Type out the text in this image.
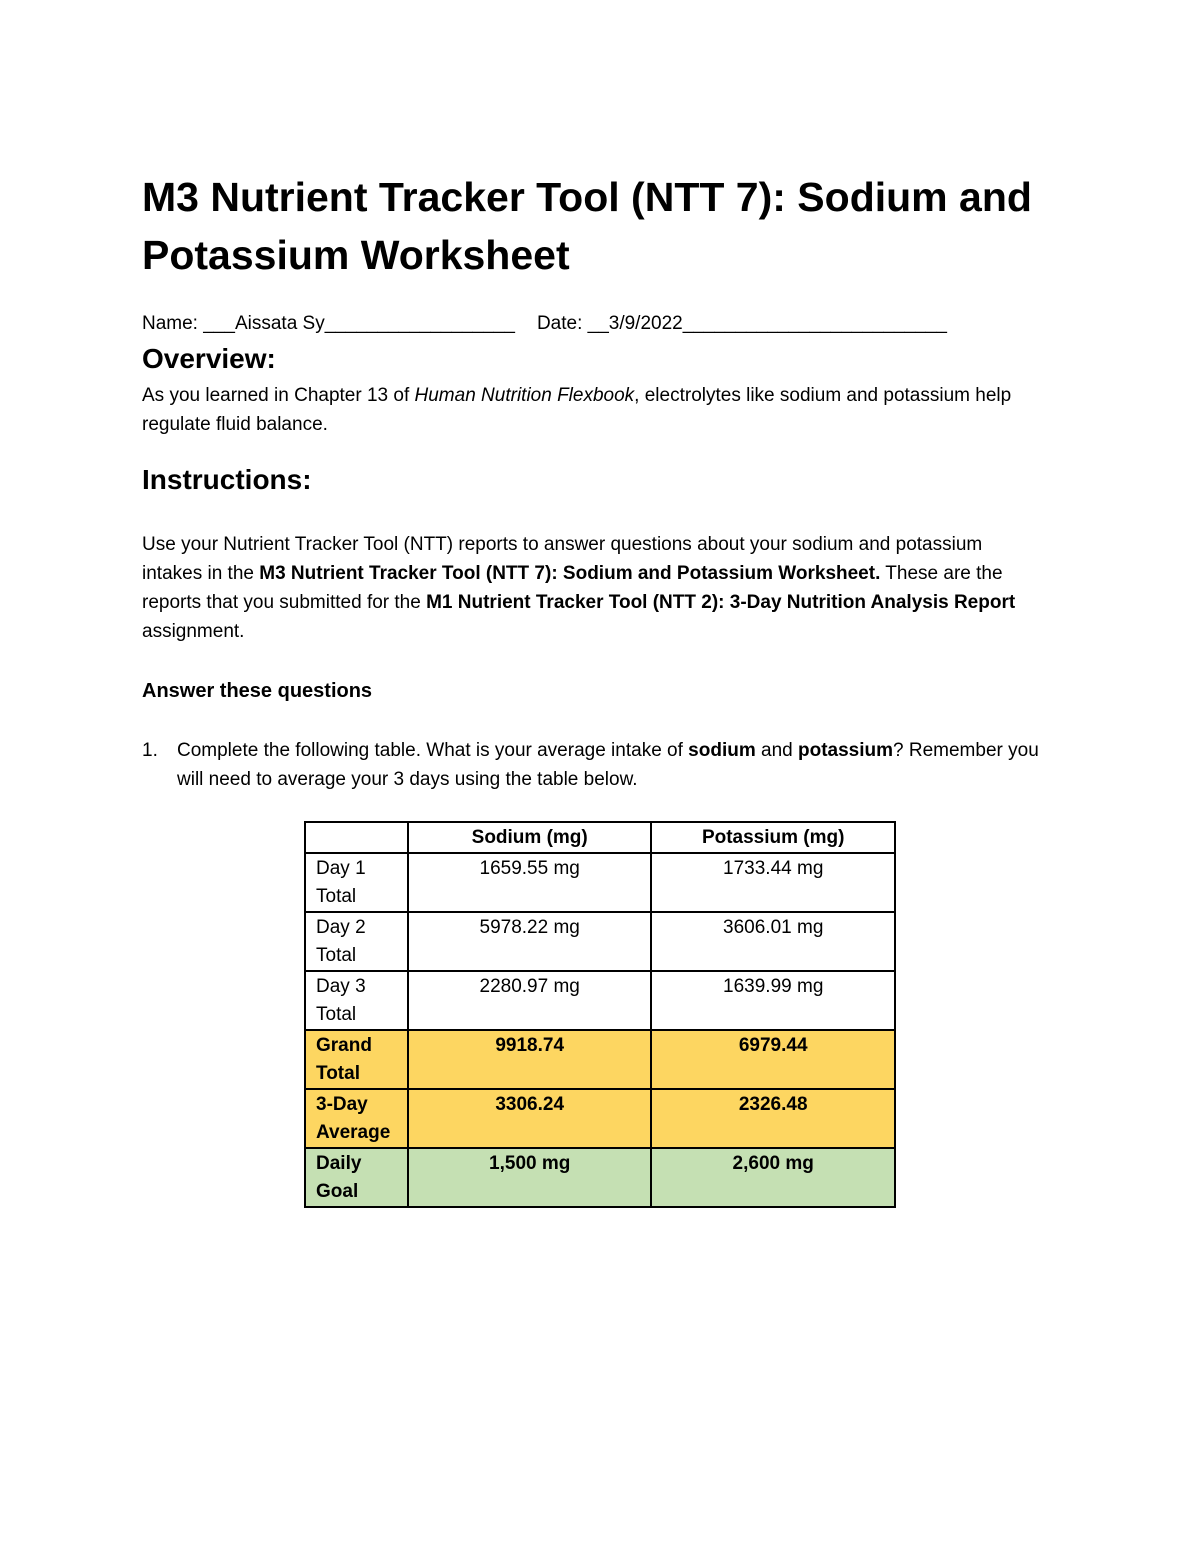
M3 Nutrient Tracker Tool (NTT 7): Sodium and Potassium Worksheet
Name: ___Aissata Sy__________________ Date: __3/9/2022_________________________
Overview:

As you learned in Chapter 13 of Human Nutrition Flexbook, electrolytes like sodium and potassium help regulate fluid balance.

Instructions:

Use your Nutrient Tracker Tool (NTT) reports to answer questions about your sodium and potassium intakes in the M3 Nutrient Tracker Tool (NTT 7): Sodium and Potassium Worksheet. These are the reports that you submitted for the M1 Nutrient Tracker Tool (NTT 2): 3-Day Nutrition Analysis Report assignment.

Answer these questions
1. Complete the following table. What is your average intake of sodium and potassium? Remember you will need to average your 3 days using the table below.
	Sodium (mg)	Potassium (mg)
Day 1 Total	1659.55 mg	1733.44 mg
Day 2 Total	5978.22 mg	3606.01 mg
Day 3 Total	2280.97 mg	1639.99 mg
Grand Total	9918.74	6979.44
3-Day Average	3306.24	2326.48
Daily Goal	1,500 mg	2,600 mg
